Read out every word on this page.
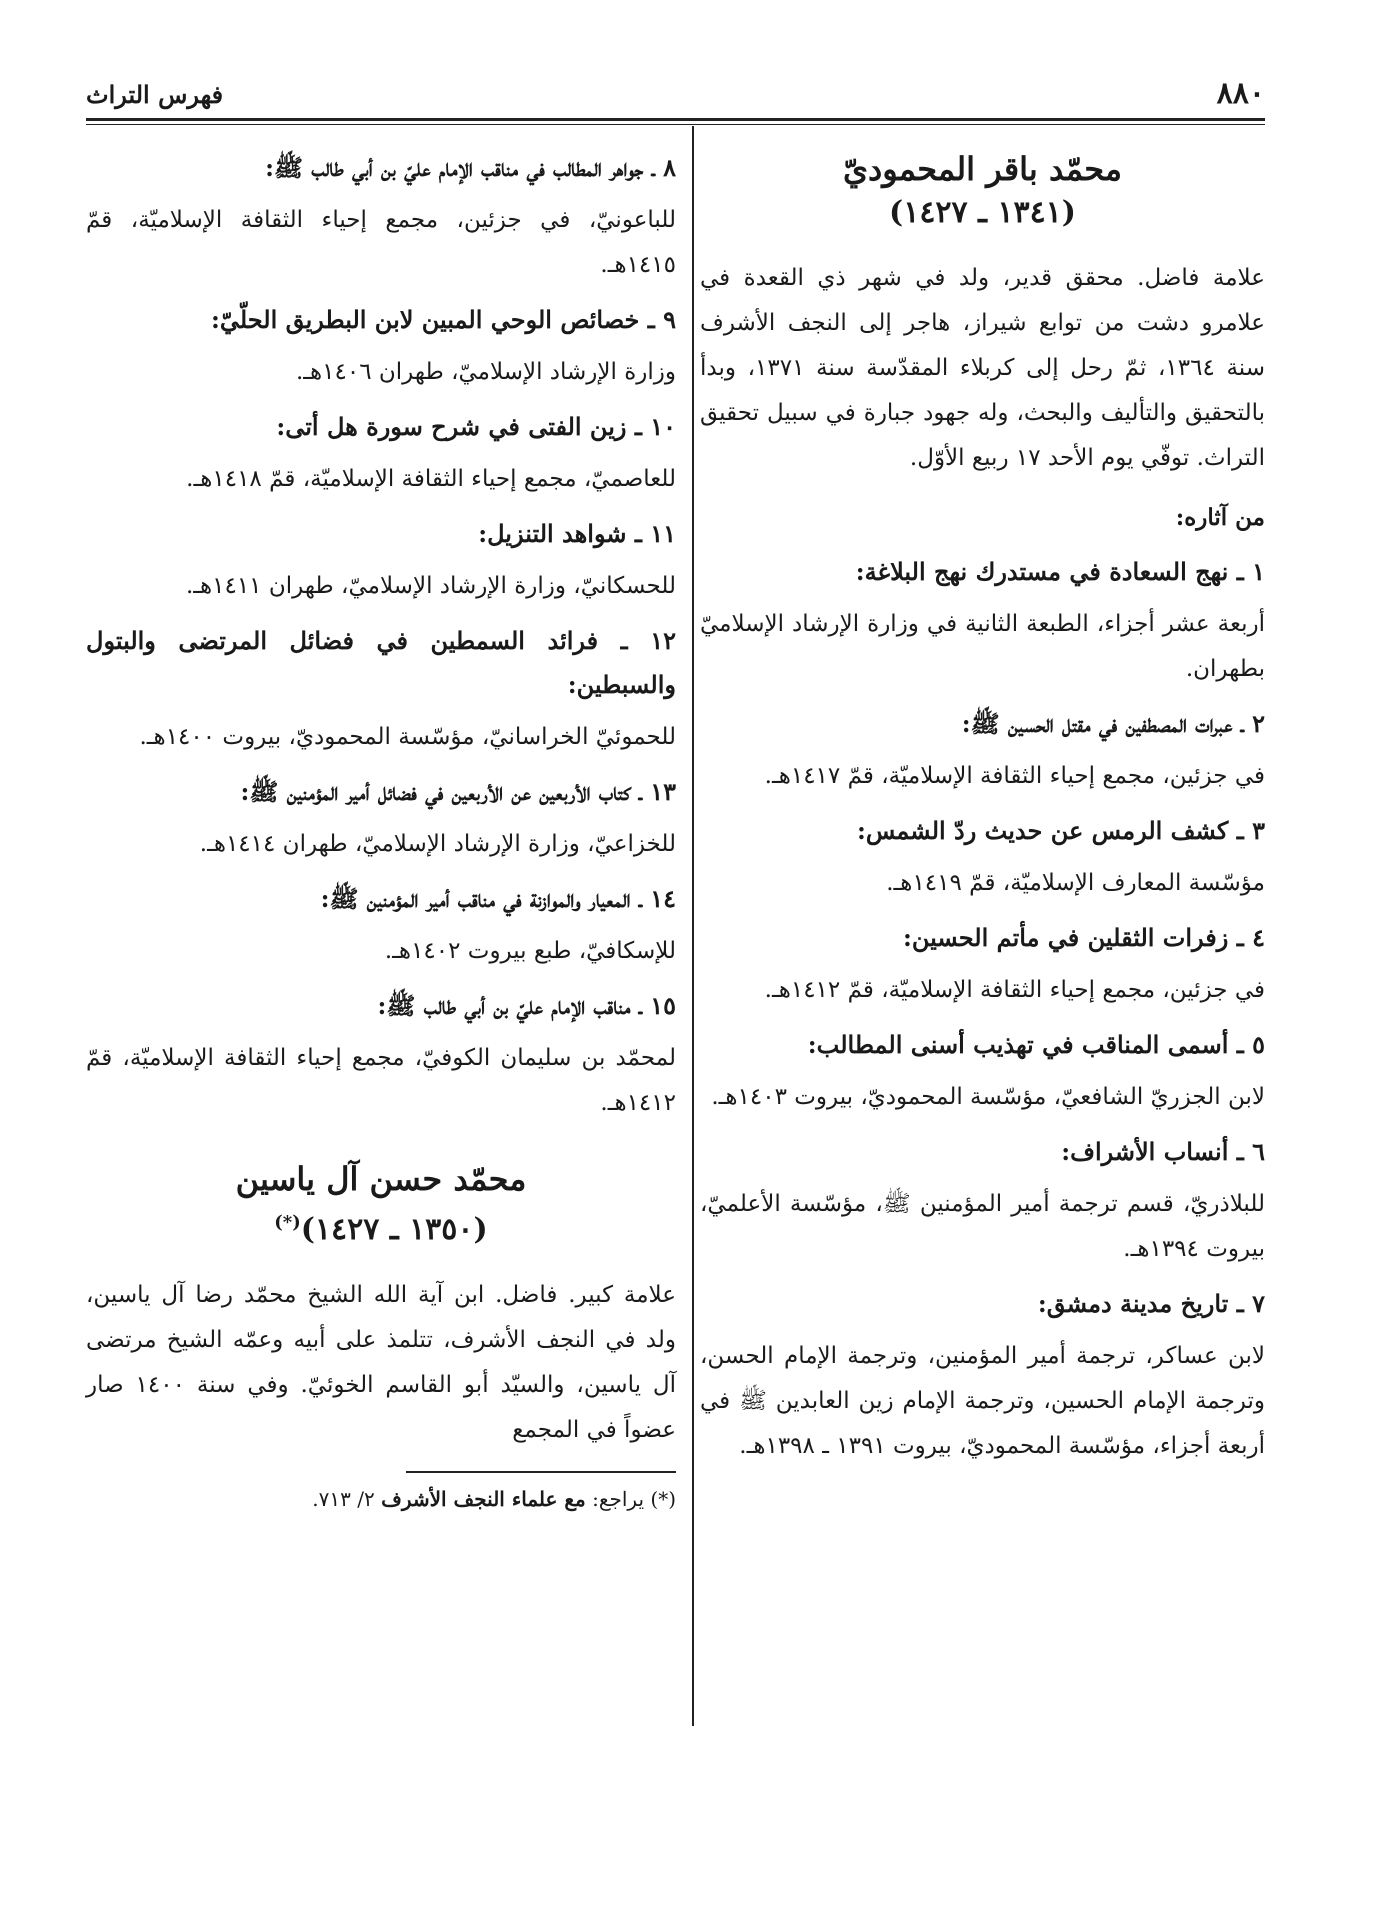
٨٨٠
فهرس التراث
محمّد باقر المحموديّ
(١٣٤١ ـ ١٤٢٧)

علامة فاضل. محقق قدير، ولد في شهر ذي القعدة في علامرو دشت من توابع شيراز، هاجر إلى النجف الأشرف سنة ١٣٦٤، ثمّ رحل إلى كربلاء المقدّسة سنة ١٣٧١، وبدأ بالتحقيق والتأليف والبحث، وله جهود جبارة في سبيل تحقيق التراث. توفّي يوم الأحد ١٧ ربيع الأوّل.

من آثاره:
١ ـ نهج السعادة في مستدرك نهج البلاغة:

أربعة عشر أجزاء، الطبعة الثانية في وزارة الإرشاد الإسلاميّ بطهران.

٢ ـ عبرات المصطفين في مقتل الحسين ﷺ:

في جزئين، مجمع إحياء الثقافة الإسلاميّة، قمّ ١٤١٧هـ.

٣ ـ كشف الرمس عن حديث ردّ الشمس:

مؤسّسة المعارف الإسلاميّة، قمّ ١٤١٩هـ.

٤ ـ زفرات الثقلين في مأتم الحسين:

في جزئين، مجمع إحياء الثقافة الإسلاميّة، قمّ ١٤١٢هـ.

٥ ـ أسمى المناقب في تهذيب أسنى المطالب:

لابن الجزريّ الشافعيّ، مؤسّسة المحموديّ، بيروت ١٤٠٣هـ.

٦ ـ أنساب الأشراف:

للبلاذريّ، قسم ترجمة أمير المؤمنين ﷺ، مؤسّسة الأعلميّ، بيروت ١٣٩٤هـ.

٧ ـ تاريخ مدينة دمشق:

لابن عساكر، ترجمة أمير المؤمنين، وترجمة الإمام الحسن، وترجمة الإمام الحسين، وترجمة الإمام زين العابدين ﷺ في أربعة أجزاء، مؤسّسة المحموديّ، بيروت ١٣٩١ ـ ١٣٩٨هـ.

٨ ـ جواهر المطالب في مناقب الإمام عليّ بن أبي طالب ﷺ:

للباعونيّ، في جزئين، مجمع إحياء الثقافة الإسلاميّة، قمّ ١٤١٥هـ.

٩ ـ خصائص الوحي المبين لابن البطريق الحلّيّ:

وزارة الإرشاد الإسلاميّ، طهران ١٤٠٦هـ.

١٠ ـ زين الفتى في شرح سورة هل أتى:

للعاصميّ، مجمع إحياء الثقافة الإسلاميّة، قمّ ١٤١٨هـ.

١١ ـ شواهد التنزيل:

للحسكانيّ، وزارة الإرشاد الإسلاميّ، طهران ١٤١١هـ.

١٢ ـ فرائد السمطين في فضائل المرتضى والبتول والسبطين:

للحموئيّ الخراسانيّ، مؤسّسة المحموديّ، بيروت ١٤٠٠هـ.

١٣ ـ كتاب الأربعين عن الأربعين في فضائل أمير المؤمنين ﷺ:

للخزاعيّ، وزارة الإرشاد الإسلاميّ، طهران ١٤١٤هـ.

١٤ ـ المعيار والموازنة في مناقب أمير المؤمنين ﷺ:

للإسكافيّ، طبع بيروت ١٤٠٢هـ.

١٥ ـ مناقب الإمام عليّ بن أبي طالب ﷺ:

لمحمّد بن سليمان الكوفيّ، مجمع إحياء الثقافة الإسلاميّة، قمّ ١٤١٢هـ.

محمّد حسن آل ياسين
(١٣٥٠ ـ ١٤٢٧)(*)

علامة كبير. فاضل. ابن آية الله الشيخ محمّد رضا آل ياسين، ولد في النجف الأشرف، تتلمذ على أبيه وعمّه الشيخ مرتضى آل ياسين، والسيّد أبو القاسم الخوئيّ. وفي سنة ١٤٠٠ صار عضواً في المجمع

(*) يراجع: مع علماء النجف الأشرف ٢/ ٧١٣.
